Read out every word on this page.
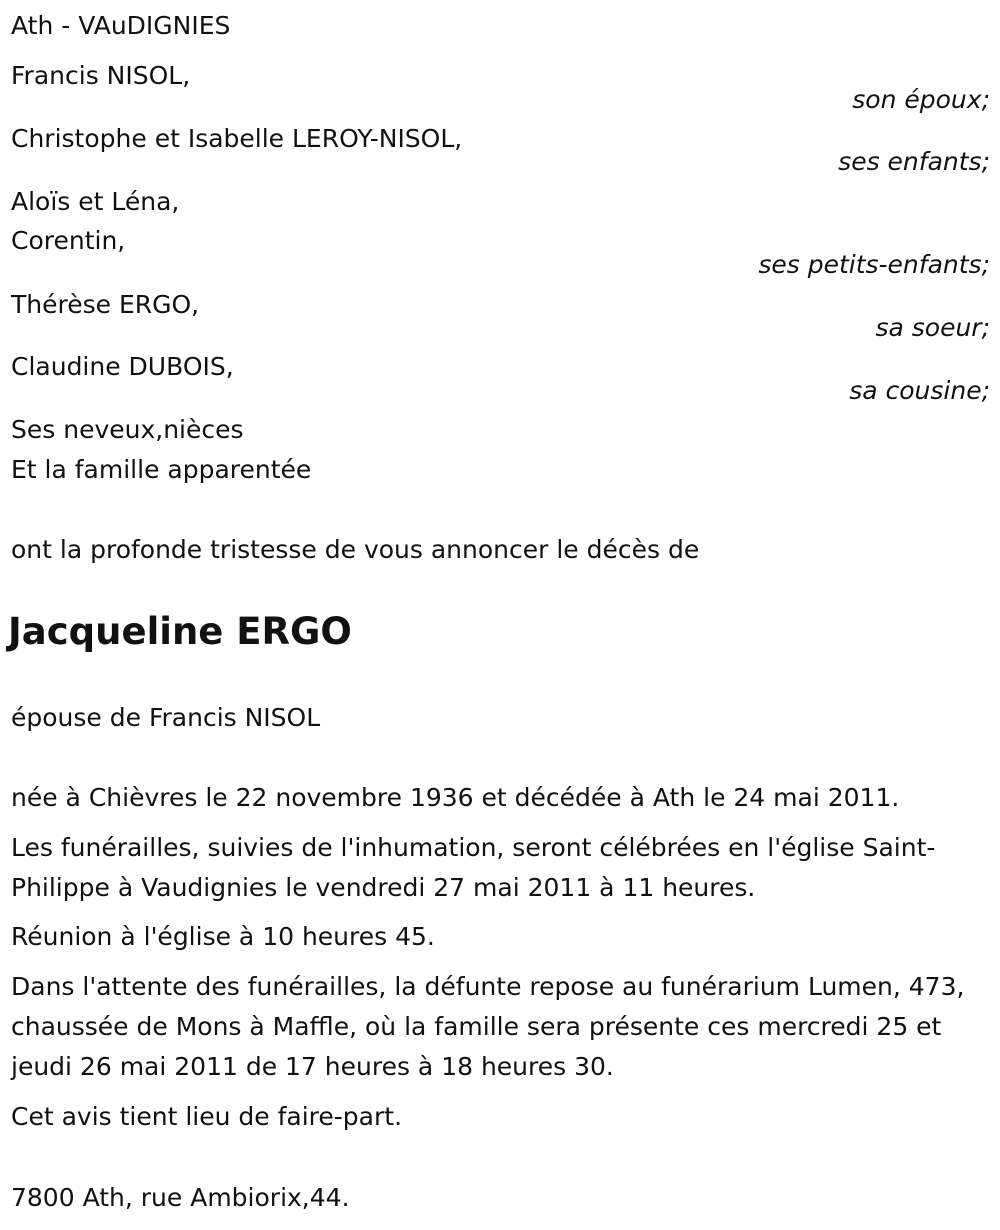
Ath - VAuDIGNIES
Francis NISOL,
son époux;
Christophe et Isabelle LEROY-NISOL,
ses enfants;
Aloïs et Léna,
Corentin,
ses petits-enfants;
Thérèse ERGO,
sa soeur;
Claudine DUBOIS,
sa cousine;
Ses neveux,nièces
Et la famille apparentée
ont la profonde tristesse de vous annoncer le décès de
Jacqueline ERGO
épouse de Francis NISOL
née à Chièvres le 22 novembre 1936 et décédée à Ath le 24 mai 2011.
Les funérailles, suivies de l'inhumation, seront célébrées en l'église Saint-Philippe à Vaudignies le vendredi 27 mai 2011 à 11 heures.
Réunion à l'église à 10 heures 45.
Dans l'attente des funérailles, la défunte repose au funérarium Lumen, 473, chaussée de Mons à Maffle, où la famille sera présente ces mercredi 25 et jeudi 26 mai 2011 de 17 heures à 18 heures 30.
Cet avis tient lieu de faire-part.
7800 Ath, rue Ambiorix,44.
